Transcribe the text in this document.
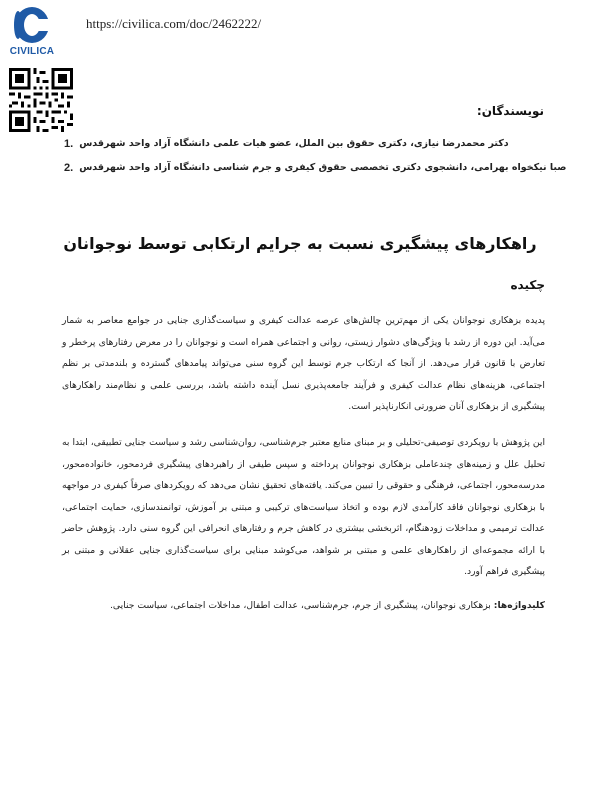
CIVILICA
https://civilica.com/doc/2462222/
نویسندگان:
1. دکتر محمدرضا نیازی، دکتری حقوق بین الملل، عضو هیات علمی دانشگاه آزاد واحد شهرقدس
2. صبا نیکخواه بهرامی، دانشجوی دکتری تخصصی حقوق کیفری و جرم شناسی دانشگاه آزاد واحد شهرقدس
راهکارهای پیشگیری نسبت به جرایم ارتکابی توسط نوجوانان
چکیده
پدیده بزهکاری نوجوانان یکی از مهم‌ترین چالش‌های عرصه عدالت کیفری و سیاست‌گذاری جنایی در جوامع معاصر به شمار می‌آید. این دوره از رشد با ویژگی‌های دشوار زیستی، روانی و اجتماعی همراه است و نوجوانان را در معرض رفتارهای پرخطر و تعارض با قانون قرار می‌دهد. از آنجا که ارتکاب جرم توسط این گروه سنی می‌تواند پیامدهای گسترده و بلندمدتی بر نظم اجتماعی، هزینه‌های نظام عدالت کیفری و فرآیند جامعه‌پذیری نسل آینده داشته باشد، بررسی علمی و نظام‌مند راهکارهای پیشگیری از بزهکاری آنان ضرورتی انکارناپذیر است.
این پژوهش با رویکردی توصیفی-تحلیلی و بر مبنای منابع معتبر جرم‌شناسی، روان‌شناسی رشد و سیاست جنایی تطبیقی، ابتدا به تحلیل علل و زمینه‌های چندعاملی بزهکاری نوجوانان پرداخته و سپس طیفی از راهبردهای پیشگیری فردمحور، خانواده‌محور، مدرسه‌محور، اجتماعی، فرهنگی و حقوقی را تبیین می‌کند. یافته‌های تحقیق نشان می‌دهد که رویکردهای صرفاً کیفری در مواجهه با بزهکاری نوجوانان فاقد کارآمدی لازم بوده و اتخاذ سیاست‌های ترکیبی و مبتنی بر آموزش، توانمندسازی، حمایت اجتماعی، عدالت ترمیمی و مداخلات زودهنگام، اثربخشی بیشتری در کاهش جرم و رفتارهای انحرافی این گروه سنی دارد. پژوهش حاضر با ارائه مجموعه‌ای از راهکارهای علمی و مبتنی بر شواهد، می‌کوشد مبنایی برای سیاست‌گذاری جنایی عقلانی و مبتنی بر پیشگیری فراهم آورد.
کلیدواژه‌ها: بزهکاری نوجوانان، پیشگیری از جرم، جرم‌شناسی، عدالت اطفال، مداخلات اجتماعی، سیاست جنایی.
